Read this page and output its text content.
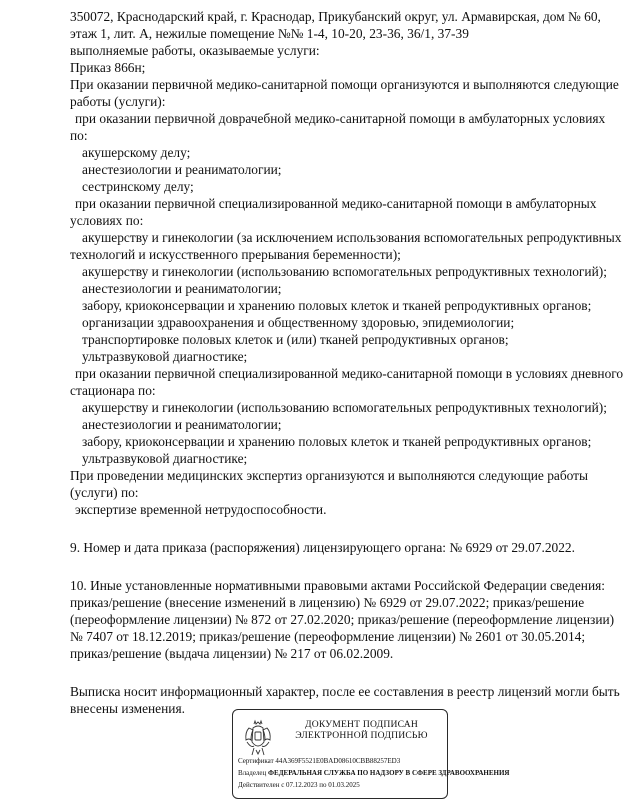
350072, Краснодарский край, г. Краснодар, Прикубанский округ, ул. Армавирская, дом № 60,
этаж 1, лит. А, нежилые помещение №№ 1-4, 10-20, 23-36, 36/1, 37-39
выполняемые работы, оказываемые услуги:
Приказ 866н;
При оказании первичной медико-санитарной помощи организуются и выполняются следующие
работы (услуги):
при оказании первичной доврачебной медико-санитарной помощи в амбулаторных условиях
по:
акушерскому делу;
анестезиологии и реаниматологии;
сестринскому делу;
при оказании первичной специализированной медико-санитарной помощи в амбулаторных
условиях по:
акушерству и гинекологии (за исключением использования вспомогательных репродуктивных
технологий и искусственного прерывания беременности);
акушерству и гинекологии (использованию вспомогательных репродуктивных технологий);
анестезиологии и реаниматологии;
забору, криоконсервации и хранению половых клеток и тканей репродуктивных органов;
организации здравоохранения и общественному здоровью, эпидемиологии;
транспортировке половых клеток и (или) тканей репродуктивных органов;
ультразвуковой диагностике;
при оказании первичной специализированной медико-санитарной помощи в условиях дневного
стационара по:
акушерству и гинекологии (использованию вспомогательных репродуктивных технологий);
анестезиологии и реаниматологии;
забору, криоконсервации и хранению половых клеток и тканей репродуктивных органов;
ультразвуковой диагностике;
При проведении медицинских экспертиз организуются и выполняются следующие работы
(услуги) по:
экспертизе временной нетрудоспособности.
9. Номер и дата приказа (распоряжения) лицензирующего органа: № 6929 от 29.07.2022.
10. Иные установленные нормативными правовыми актами Российской Федерации сведения:
приказ/решение (внесение изменений в лицензию) № 6929 от 29.07.2022; приказ/решение
(переоформление лицензии) № 872 от 27.02.2020; приказ/решение (переоформление лицензии)
№ 7407 от 18.12.2019; приказ/решение (переоформление лицензии) № 2601 от 30.05.2014;
приказ/решение (выдача лицензии) № 217 от 06.02.2009.
Выписка носит информационный характер, после ее составления в реестр лицензий могли быть
внесены изменения.
ДОКУМЕНТ ПОДПИСАН
ЭЛЕКТРОННОЙ ПОДПИСЬЮ
Сертификат 44A369F5521E0BAD08610CBB88257ED3
Владелец ФЕДЕРАЛЬНАЯ СЛУЖБА ПО НАДЗОРУ В СФЕРЕ ЗДРАВООХРАНЕНИЯ
Действителен с 07.12.2023 по 01.03.2025
